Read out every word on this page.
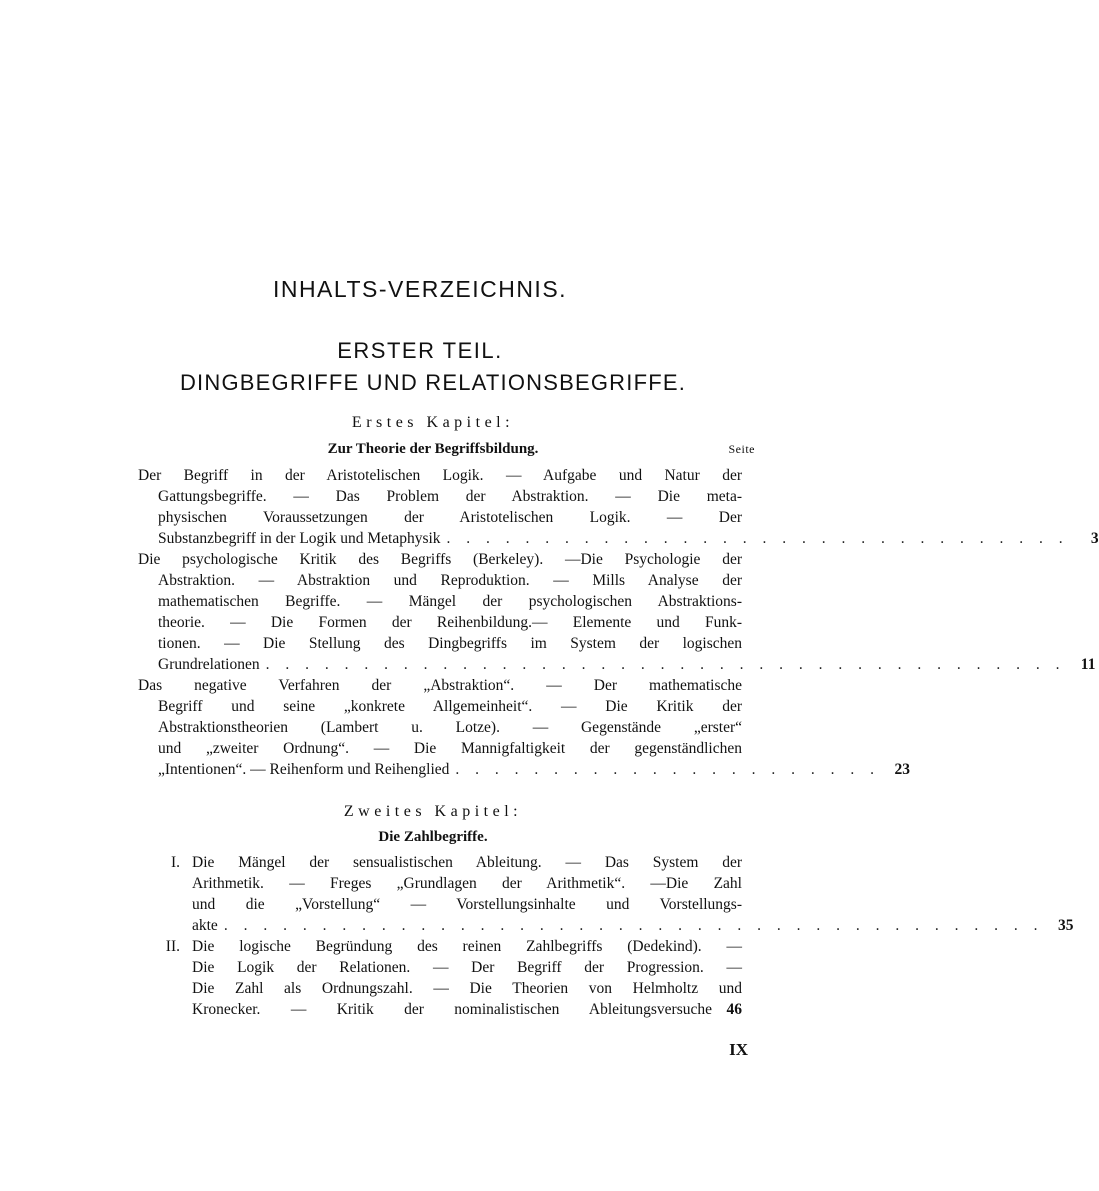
INHALTS-VERZEICHNIS.
ERSTER TEIL.
DINGBEGRIFFE UND RELATIONSBEGRIFFE.
Erstes Kapitel:
Zur Theorie der Begriffsbildung.	Seite
Der Begriff in der Aristotelischen Logik. — Aufgabe und Natur der
Gattungsbegriffe. — Das Problem der Abstraktion. — Die meta-
physischen Voraussetzungen der Aristotelischen Logik. — Der
Substanzbegriff in der Logik und Metaphysik . . . . . . . . . . . . . . . . . . . . . . . . . . . . . . . .	3
Die psychologische Kritik des Begriffs (Berkeley). —Die Psychologie der
Abstraktion. — Abstraktion und Reproduktion. — Mills Analyse der
mathematischen Begriffe. — Mängel der psychologischen Abstraktions-
theorie. — Die Formen der Reihenbildung.— Elemente und Funk-
tionen. — Die Stellung des Dingbegriffs im System der logischen
Grundrelationen . . . . . . . . . . . . . . . . . . . . . . . . . . . . . . . . . . . . . . . . . 11
Das negative Verfahren der „Abstraktion“. — Der mathematische
Begriff und seine „konkrete Allgemeinheit“. — Die Kritik der
Abstraktionstheorien (Lambert u. Lotze). — Gegenstände „erster“
und „zweiter Ordnung“. — Die Mannigfaltigkeit der gegenständlichen
„Intentionen“. — Reihenform und Reihenglied . . . . . . . . . . . . . . . . . . . . . . 23
Zweites Kapitel:
Die Zahlbegriffe.
I. Die Mängel der sensualistischen Ableitung. — Das System der
Arithmetik. — Freges „Grundlagen der Arithmetik“. —Die Zahl
und die „Vorstellung“ — Vorstellungsinhalte und Vorstellungs-
akte . . . . . . . . . . . . . . . . . . . . . . . . . . . . . . . . . . . . . . . . . . 35
II. Die logische Begründung des reinen Zahlbegriffs (Dedekind). —
Die Logik der Relationen. — Der Begriff der Progression. —
Die Zahl als Ordnungszahl. — Die Theorien von Helmholtz und
Kronecker. — Kritik der nominalistischen Ableitungsversuche 46
IX
